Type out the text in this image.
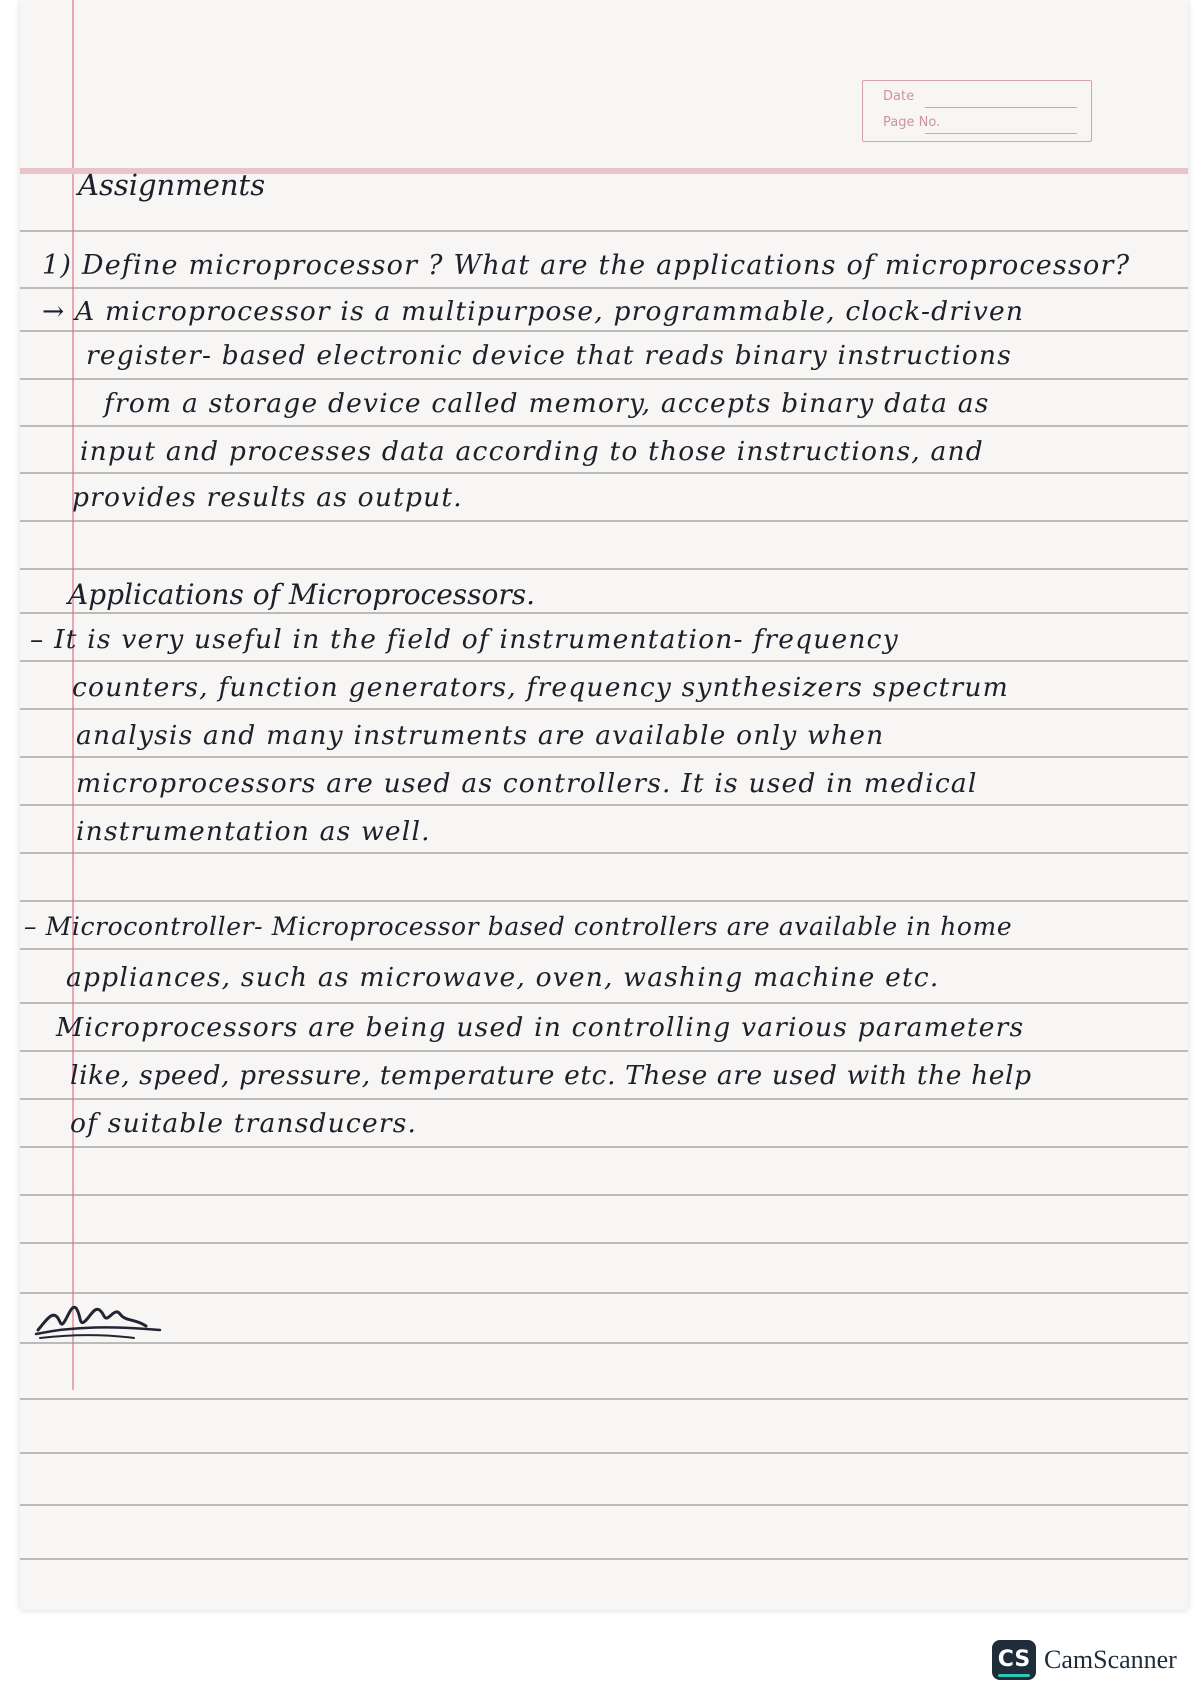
Date
Page No.

Assignments

1) Define microprocessor ? What are the applications of microprocessor?

→ A microprocessor is a multipurpose, programmable, clock-driven

register- based electronic device that reads binary instructions

from a storage device called memory, accepts binary data as

input and processes data according to those instructions, and

provides results as output.

Applications of Microprocessors.

– It is very useful in the field of instrumentation- frequency

counters, function generators, frequency synthesizers spectrum

analysis and many instruments are available only when

microprocessors are used as controllers. It is used in medical

instrumentation as well.

– Microcontroller- Microprocessor based controllers are available in home

appliances, such as microwave, oven, washing machine etc.

Microprocessors are being used in controlling various parameters

like, speed, pressure, temperature etc. These are used with the help

of suitable transducers.

CS CamScanner
